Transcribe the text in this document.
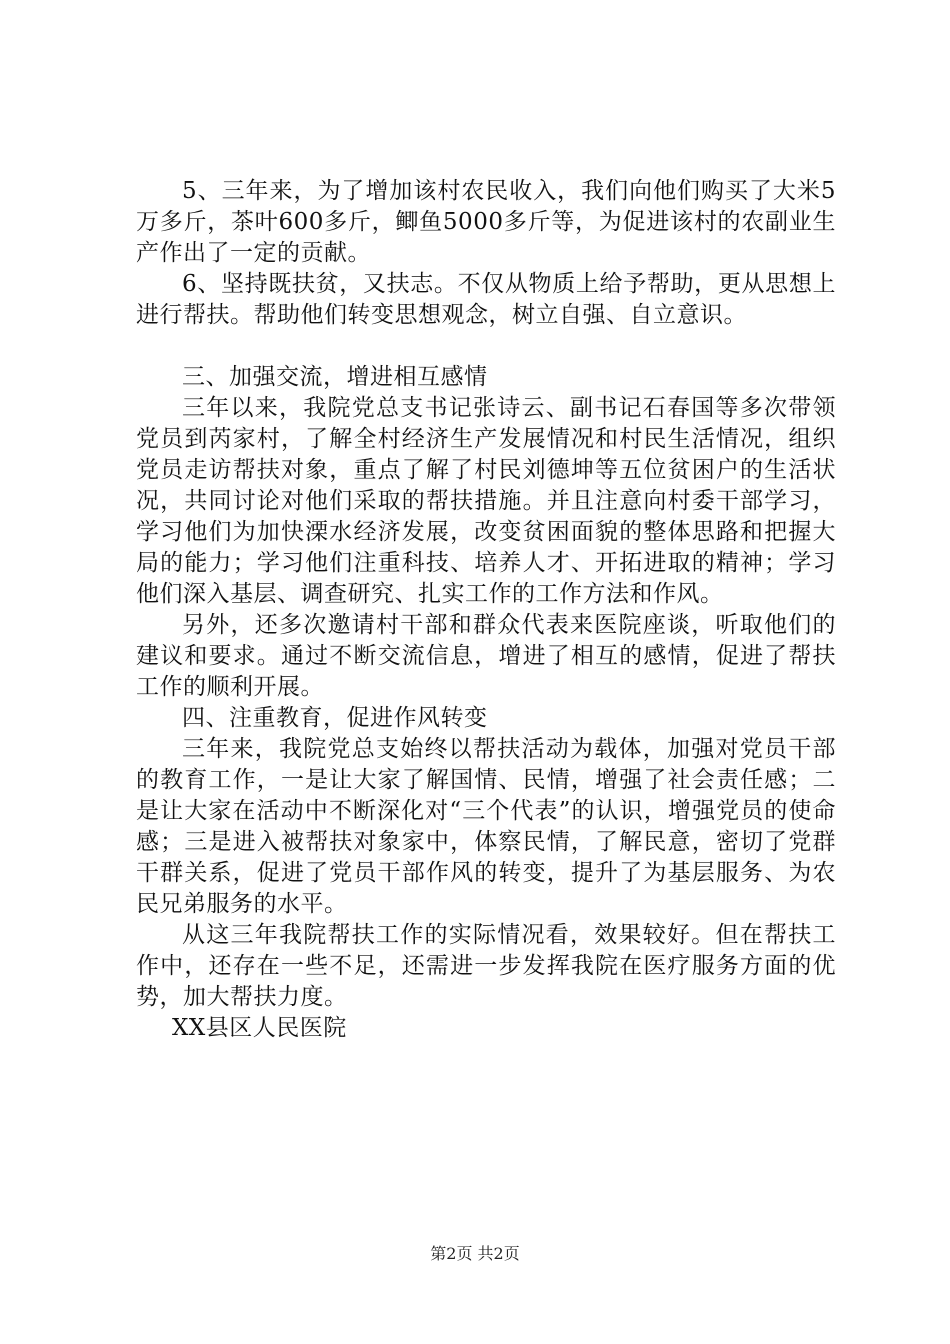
5、三年来，为了增加该村农民收入，我们向他们购买了大米5万多斤，茶叶600多斤，鲫鱼5000多斤等，为促进该村的农副业生产作出了一定的贡献。

6、坚持既扶贫，又扶志。不仅从物质上给予帮助，更从思想上进行帮扶。帮助他们转变思想观念，树立自强、自立意识。

三、加强交流，增进相互感情

三年以来，我院党总支书记张诗云、副书记石春国等多次带领党员到芮家村，了解全村经济生产发展情况和村民生活情况，组织党员走访帮扶对象，重点了解了村民刘德坤等五位贫困户的生活状况，共同讨论对他们采取的帮扶措施。并且注意向村委干部学习，学习他们为加快溧水经济发展，改变贫困面貌的整体思路和把握大局的能力；学习他们注重科技、培养人才、开拓进取的精神；学习他们深入基层、调查研究、扎实工作的工作方法和作风。

另外，还多次邀请村干部和群众代表来医院座谈，听取他们的建议和要求。通过不断交流信息，增进了相互的感情，促进了帮扶工作的顺利开展。

四、注重教育，促进作风转变

三年来，我院党总支始终以帮扶活动为载体，加强对党员干部的教育工作，一是让大家了解国情、民情，增强了社会责任感；二是让大家在活动中不断深化对“三个代表”的认识，增强党员的使命感；三是进入被帮扶对象家中，体察民情，了解民意，密切了党群干群关系，促进了党员干部作风的转变，提升了为基层服务、为农民兄弟服务的水平。

从这三年我院帮扶工作的实际情况看，效果较好。但在帮扶工作中，还存在一些不足，还需进一步发挥我院在医疗服务方面的优势，加大帮扶力度。

XX县区人民医院

第2页 共2页
